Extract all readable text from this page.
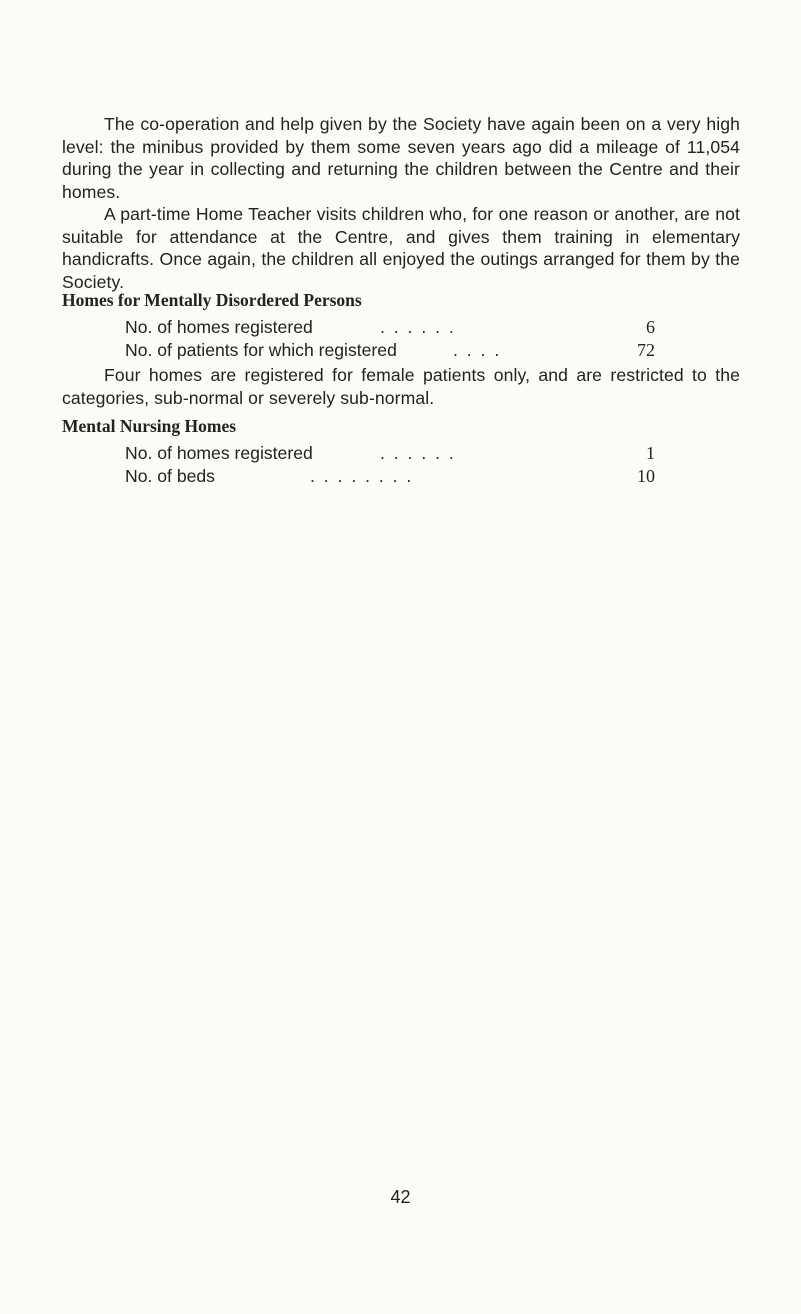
The co-operation and help given by the Society have again been on a very high level: the minibus provided by them some seven years ago did a mileage of 11,054 during the year in collecting and returning the children between the Centre and their homes.

A part-time Home Teacher visits children who, for one reason or another, are not suitable for attendance at the Centre, and gives them training in elementary handicrafts. Once again, the children all enjoyed the outings arranged for them by the Society.

Homes for Mentally Disordered Persons
No. of homes registered	. . . . . .	6
No. of patients for which registered	. . . .	72

Four homes are registered for female patients only, and are restricted to the categories, sub-normal or severely sub-normal.

Mental Nursing Homes
No. of homes registered	. . . . . .	1
No. of beds	. . . . . . . .	10
42
